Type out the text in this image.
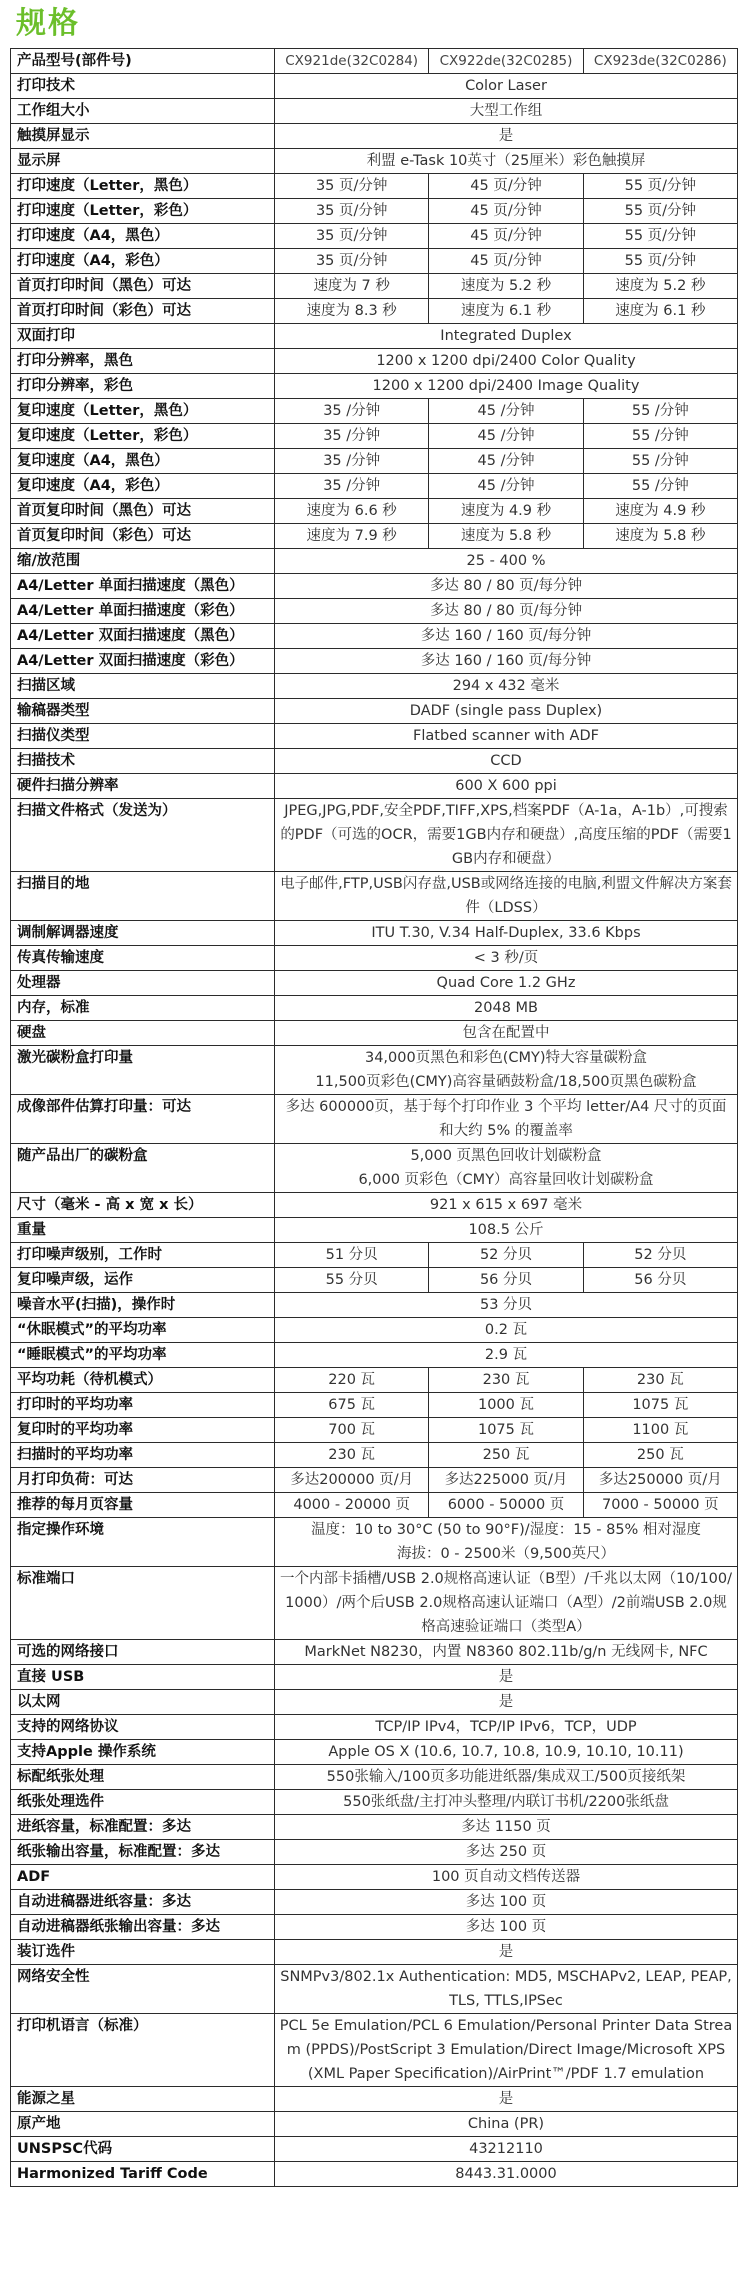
规格
产品型号(部件号)	CX921de(32C0284)	CX922de(32C0285)	CX923de(32C0286)
打印技术	Color Laser		
工作组大小	大型工作组		
触摸屏显示	是		
显示屏	利盟 e-Task 10英寸（25厘米）彩色触摸屏		
打印速度（Letter，黑色）	35 页/分钟	45 页/分钟	55 页/分钟
打印速度（Letter，彩色）	35 页/分钟	45 页/分钟	55 页/分钟
打印速度（A4，黑色）	35 页/分钟	45 页/分钟	55 页/分钟
打印速度（A4，彩色）	35 页/分钟	45 页/分钟	55 页/分钟
首页打印时间（黑色）可达	速度为 7 秒	速度为 5.2 秒	速度为 5.2 秒
首页打印时间（彩色）可达	速度为 8.3 秒	速度为 6.1 秒	速度为 6.1 秒
双面打印	Integrated Duplex		
打印分辨率，黑色	1200 x 1200 dpi/2400 Color Quality		
打印分辨率，彩色	1200 x 1200 dpi/2400 Image Quality		
复印速度（Letter，黑色）	35 /分钟	45 /分钟	55 /分钟
复印速度（Letter，彩色）	35 /分钟	45 /分钟	55 /分钟
复印速度（A4，黑色）	35 /分钟	45 /分钟	55 /分钟
复印速度（A4，彩色）	35 /分钟	45 /分钟	55 /分钟
首页复印时间（黑色）可达	速度为 6.6 秒	速度为 4.9 秒	速度为 4.9 秒
首页复印时间（彩色）可达	速度为 7.9 秒	速度为 5.8 秒	速度为 5.8 秒
缩/放范围	25 - 400 %		
A4/Letter 单面扫描速度（黑色）	多达 80 / 80 页/每分钟		
A4/Letter 单面扫描速度（彩色）	多达 80 / 80 页/每分钟		
A4/Letter 双面扫描速度（黑色）	多达 160 / 160 页/每分钟		
A4/Letter 双面扫描速度（彩色）	多达 160 / 160 页/每分钟		
扫描区域	294 x 432 毫米		
输稿器类型	DADF (single pass Duplex)		
扫描仪类型	Flatbed scanner with ADF		
扫描技术	CCD		
硬件扫描分辨率	600 X 600 ppi		
扫描文件格式（发送为）	JPEG,JPG,PDF,安全PDF,TIFF,XPS,档案PDF（A-1a，A-1b）,可搜索的PDF（可选的OCR，需要1GB内存和硬盘）,高度压缩的PDF（需要1GB内存和硬盘）		
扫描目的地	电子邮件,FTP,USB闪存盘,USB或网络连接的电脑,利盟文件解决方案套件（LDSS）		
调制解调器速度	ITU T.30, V.34 Half-Duplex, 33.6 Kbps		
传真传输速度	< 3 秒/页		
处理器	Quad Core 1.2 GHz		
内存，标准	2048 MB		
硬盘	包含在配置中		
激光碳粉盒打印量	34,000页黑色和彩色(CMY)特大容量碳粉盒
11,500页彩色(CMY)高容量硒鼓粉盒/18,500页黑色碳粉盒		

成像部件估算打印量：可达	多达 600000页，基于每个打印作业 3 个平均 letter/A4 尺寸的页面和大约 5% 的覆盖率		
随产品出厂的碳粉盒	5,000 页黑色回收计划碳粉盒
6,000 页彩色（CMY）高容量回收计划碳粉盒		

尺寸（毫米 - 高 x 宽 x 长）	921 x 615 x 697 毫米		
重量	108.5 公斤		
打印噪声级别，工作时	51 分贝	52 分贝	52 分贝
复印噪声级，运作	55 分贝	56 分贝	56 分贝
噪音水平(扫描)，操作时	53 分贝		
“休眠模式”的平均功率	0.2 瓦		
“睡眠模式”的平均功率	2.9 瓦		
平均功耗（待机模式）	220 瓦	230 瓦	230 瓦
打印时的平均功率	675 瓦	1000 瓦	1075 瓦
复印时的平均功率	700 瓦	1075 瓦	1100 瓦
扫描时的平均功率	230 瓦	250 瓦	250 瓦
月打印负荷：可达	多达200000 页/月	多达225000 页/月	多达250000 页/月
推荐的每月页容量	4000 - 20000 页	6000 - 50000 页	7000 - 50000 页
指定操作环境	温度：10 to 30°C (50 to 90°F)/湿度：15 - 85% 相对湿度
海拔：0 - 2500米（9,500英尺）		

标准端口	一个内部卡插槽/USB 2.0规格高速认证（B型）/千兆以太网（10/100/1000）/两个后USB 2.0规格高速认证端口（A型）/2前端USB 2.0规格高速验证端口（类型A）		
可选的网络接口	MarkNet N8230，内置 N8360 802.11b/g/n 无线网卡, NFC		
直接 USB	是		
以太网	是		
支持的网络协议	TCP/IP IPv4，TCP/IP IPv6，TCP，UDP		
支持Apple 操作系统	Apple OS X (10.6, 10.7, 10.8, 10.9, 10.10, 10.11)		
标配纸张处理	550张输入/100页多功能进纸器/集成双工/500页接纸架		
纸张处理选件	550张纸盘/主打冲头整理/内联订书机/2200张纸盘		
进纸容量，标准配置：多达	多达 1150 页		
纸张输出容量，标准配置：多达	多达 250 页		
ADF	100 页自动文档传送器		
自动进稿器进纸容量：多达	多达 100 页		
自动进稿器纸张输出容量：多达	多达 100 页		
装订选件	是		
网络安全性	SNMPv3/802.1x Authentication: MD5, MSCHAPv2, LEAP, PEAP, TLS, TTLS,IPSec		
打印机语言（标准）	PCL 5e Emulation/PCL 6 Emulation/Personal Printer Data Stream (PPDS)/PostScript 3 Emulation/Direct Image/Microsoft XPS (XML Paper Specification)/AirPrint™/PDF 1.7 emulation		
能源之星	是		
原产地	China (PR)		
UNSPSC代码	43212110		
Harmonized Tariff Code	8443.31.0000		
